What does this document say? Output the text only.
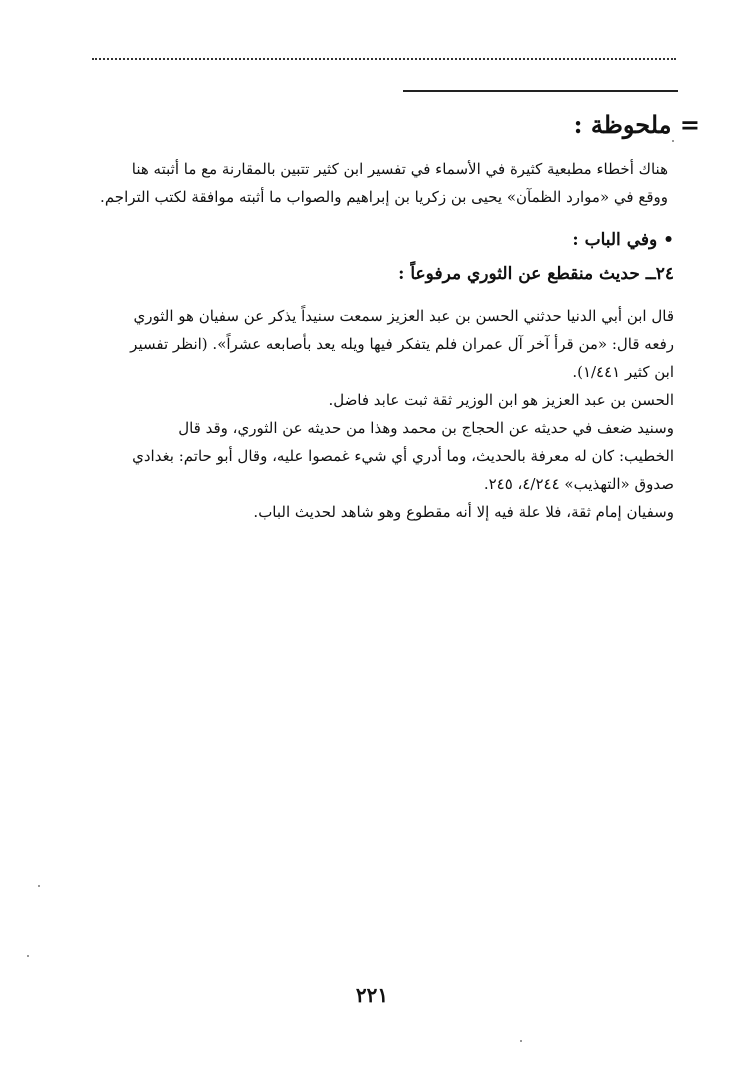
= ملحوظة :
هناك أخطاء مطبعية كثيرة في الأسماء في تفسير ابن كثير تتبين بالمقارنة مع ما أثبته هنا
ووقع في «موارد الظمآن» يحيى بن زكريا بن إبراهيم والصواب ما أثبته موافقة لكتب التراجم.
• وفي الباب :
٢٤ــ حديث منقطع عن الثوري مرفوعاً :
قال ابن أبي الدنيا حدثني الحسن بن عبد العزيز سمعت سنيداً يذكر عن سفيان هو الثوري
رفعه قال: «من قرأ آخر آل عمران فلم يتفكر فيها ويله يعد بأصابعه عشراً». (انظر تفسير
ابن كثير ١/٤٤١).
الحسن بن عبد العزيز هو ابن الوزير ثقة ثبت عابد فاضل.
وسنيد ضعف في حديثه عن الحجاج بن محمد وهذا من حديثه عن الثوري، وقد قال
الخطيب: كان له معرفة بالحديث، وما أدري أي شيء غمصوا عليه، وقال أبو حاتم: بغدادي
صدوق «التهذيب» ٤/٢٤٤، ٢٤٥.
وسفيان إمام ثقة، فلا علة فيه إلا أنه مقطوع وهو شاهد لحديث الباب.
٢٢١
